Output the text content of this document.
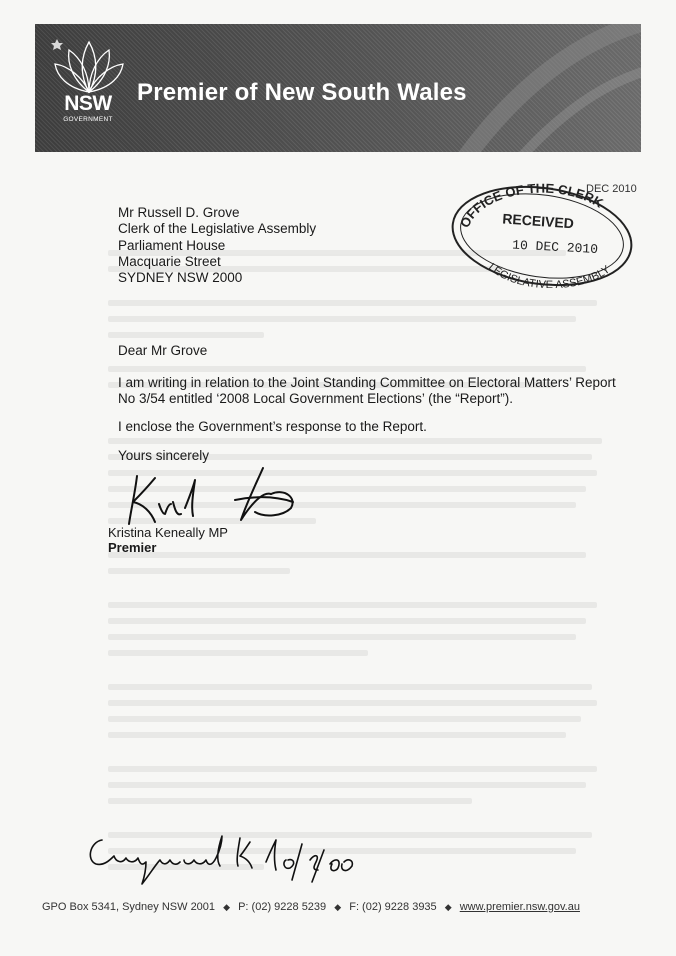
NSW
GOVERNMENT
Premier of New South Wales
Mr Russell D. Grove
Clerk of the Legislative Assembly
Parliament House
Macquarie Street
SYDNEY NSW 2000
OFFICE OF THE CLERK
RECEIVED
10 DEC 2010
LEGISLATIVE ASSEMBLY
DEC 2010
Dear Mr Grove
I am writing in relation to the Joint Standing Committee on Electoral Matters’ Report No 3/54 entitled ‘2008 Local Government Elections’ (the “Report”).
I enclose the Government’s response to the Report.
Yours sincerely
Kristina Keneally MP
Premier
GPO Box 5341, Sydney NSW 2001 ◆ P: (02) 9228 5239 ◆ F: (02) 9228 3935 ◆ www.premier.nsw.gov.au
